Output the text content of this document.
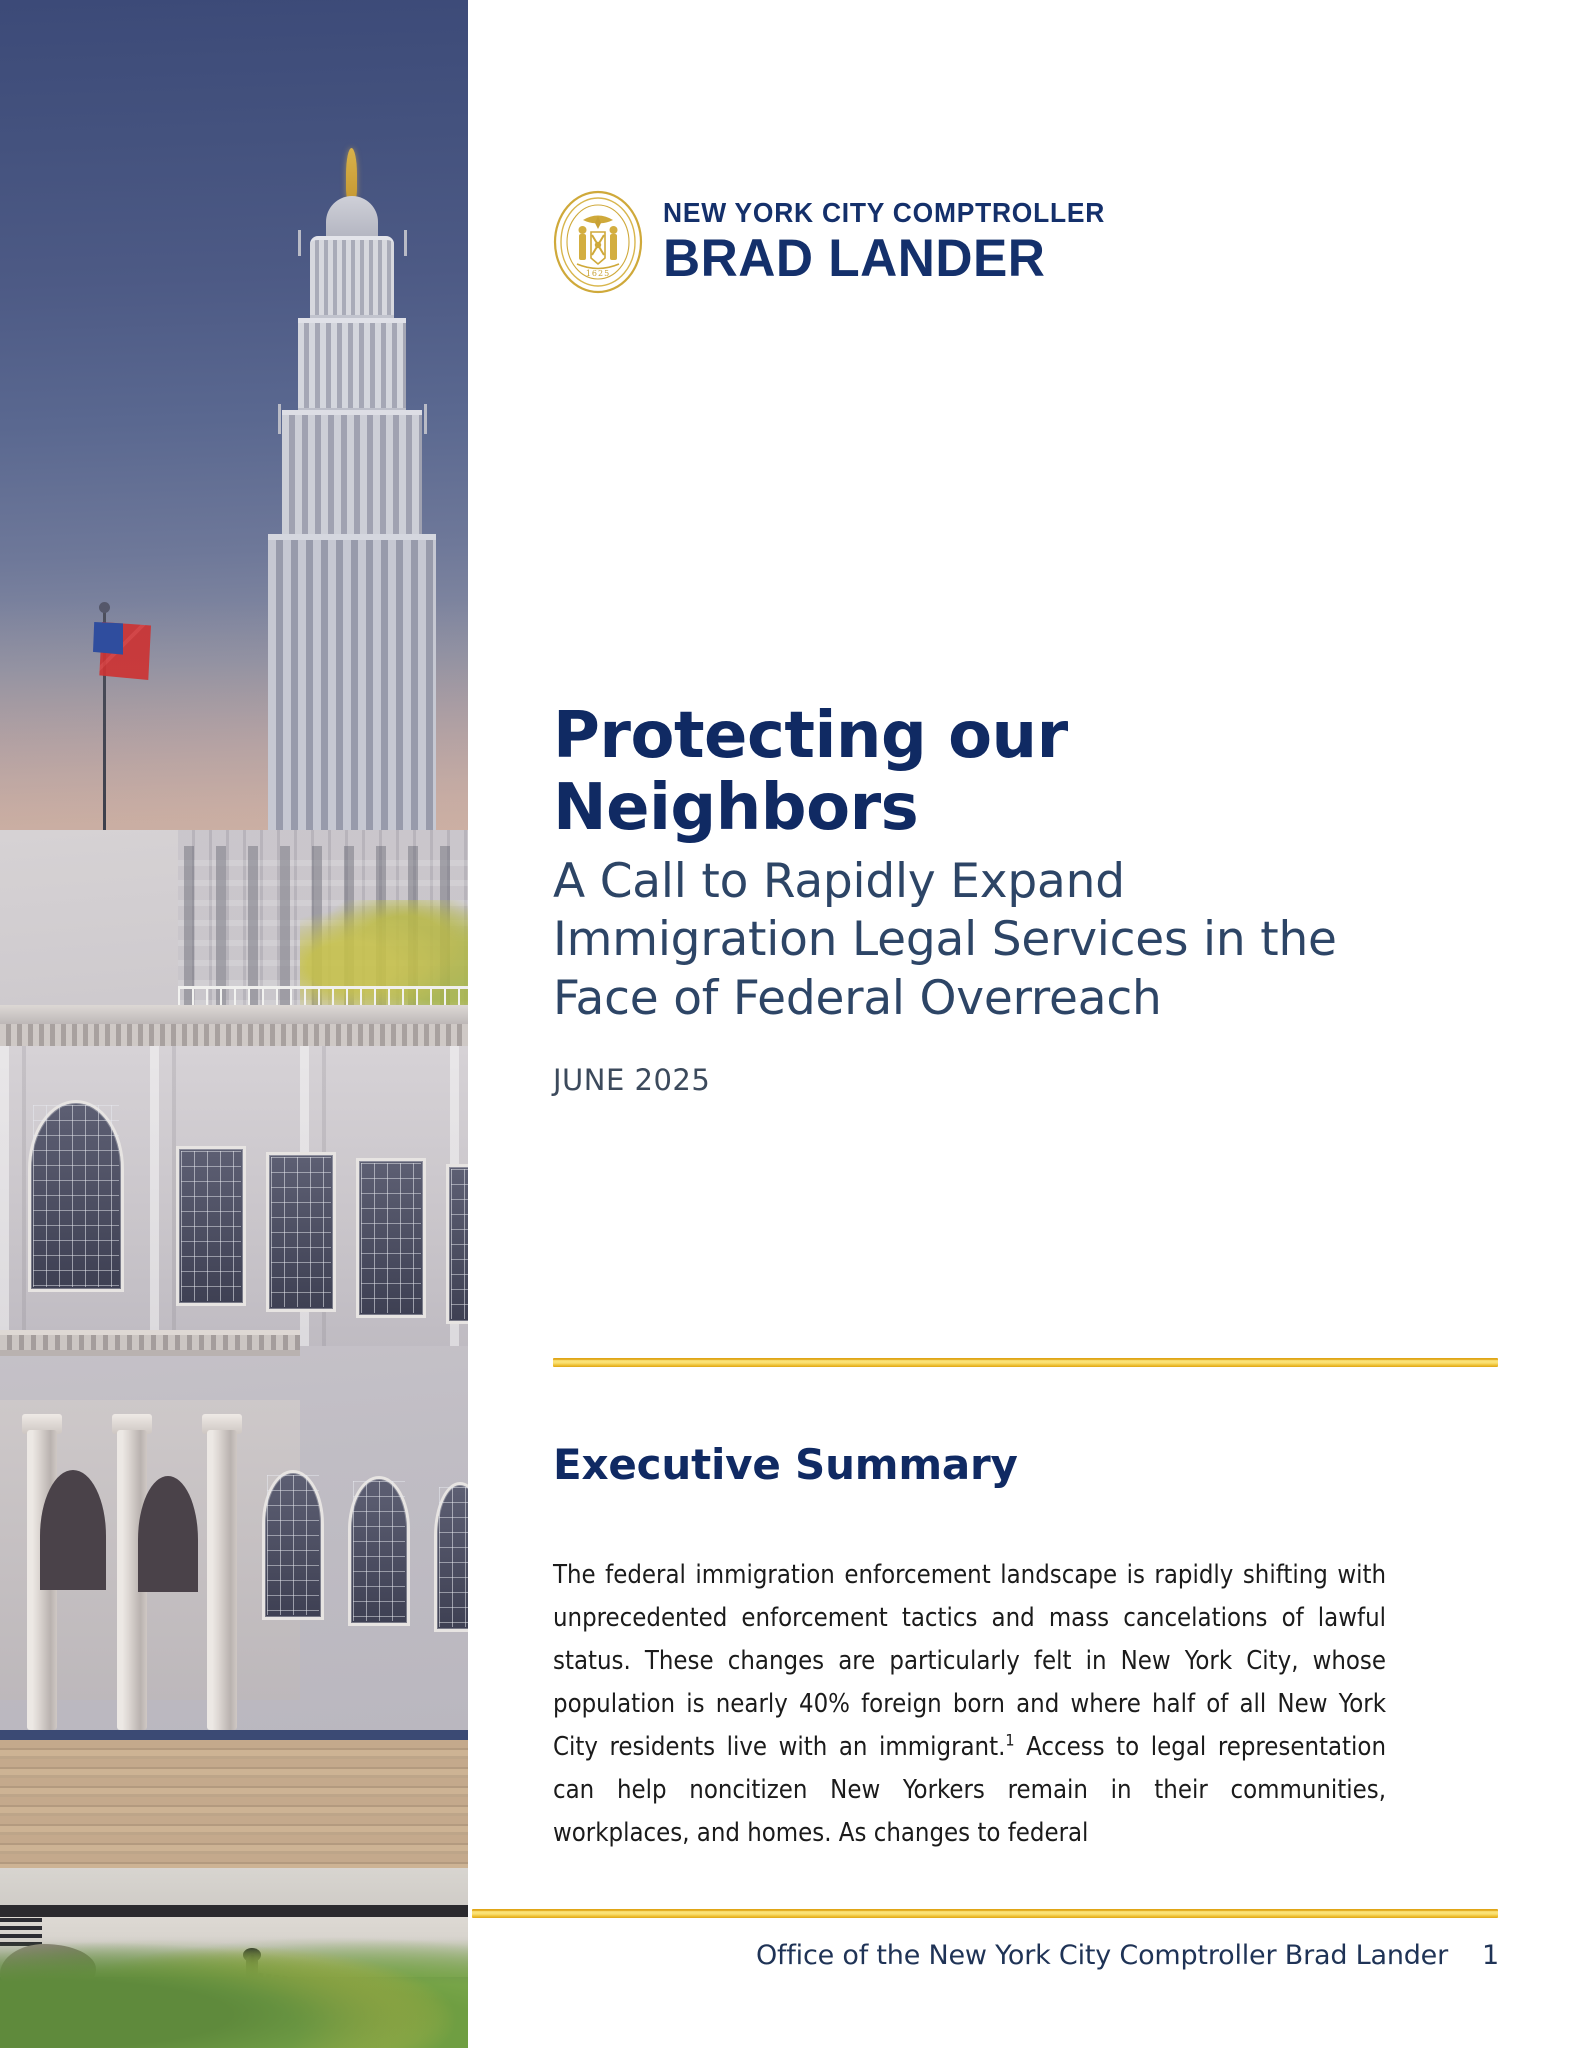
1625
NEW YORK CITY COMPTROLLER
BRAD LANDER
Protecting our Neighbors
A Call to Rapidly Expand Immigration Legal Services in the Face of Federal Overreach
JUNE 2025
Executive Summary

The federal immigration enforcement landscape is rapidly shifting with unprecedented enforcement tactics and mass cancelations of lawful status. These changes are particularly felt in New York City, whose population is nearly 40% foreign born and where half of all New York City residents live with an immigrant.$^1$ Access to legal representation can help noncitizen New Yorkers remain in their communities, workplaces, and homes. As changes to federal

Office of the New York City Comptroller Brad Lander 1
